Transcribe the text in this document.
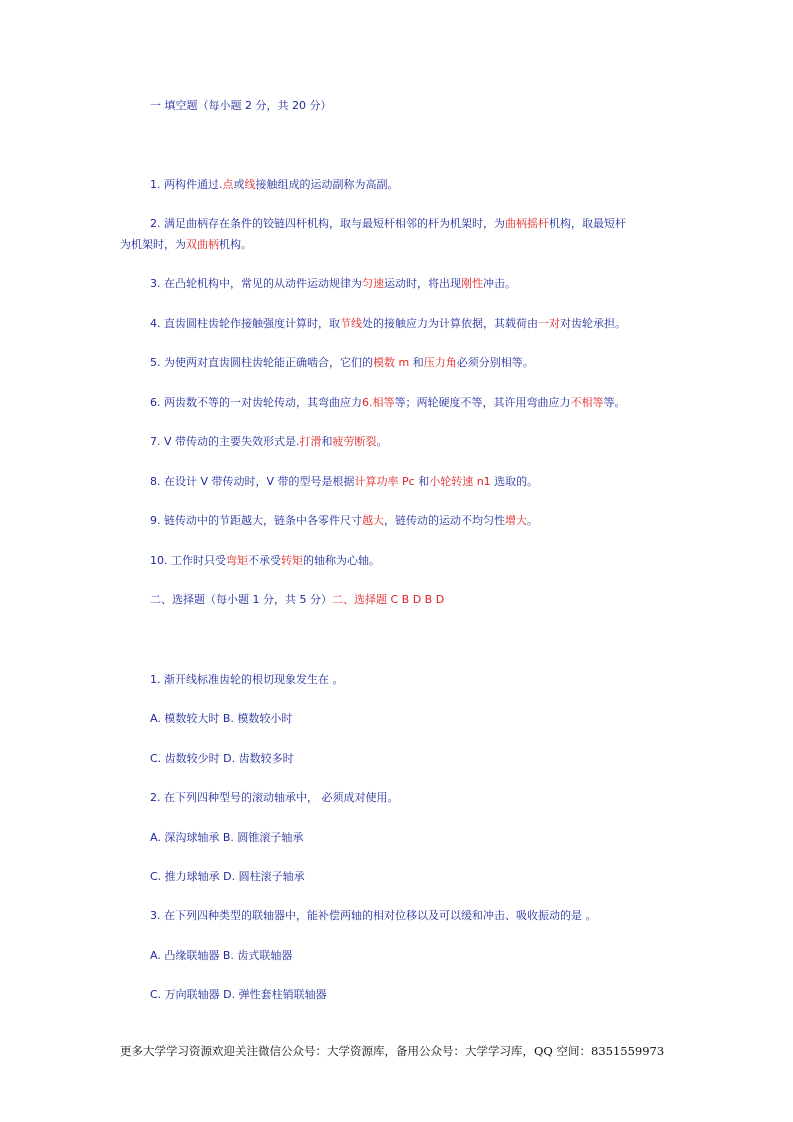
一 填空题（每小题 2 分，共 20 分）
1. 两构件通过.点或线接触组成的运动副称为高副。
2. 满足曲柄存在条件的铰链四杆机构，取与最短杆相邻的杆为机架时，为曲柄摇杆机构，取最短杆
为机架时，为双曲柄机构。
3. 在凸轮机构中，常见的从动件运动规律为匀速运动时，将出现刚性冲击。
4. 直齿圆柱齿轮作接触强度计算时，取节线处的接触应力为计算依据，其载荷由一对对齿轮承担。
5. 为使两对直齿圆柱齿轮能正确啮合，它们的模数 m 和压力角必须分别相等。
6. 两齿数不等的一对齿轮传动，其弯曲应力6.相等等；两轮硬度不等，其许用弯曲应力不相等等。
7. V 带传动的主要失效形式是.打滑和疲劳断裂。
8. 在设计 V 带传动时，V 带的型号是根据计算功率 Pc 和小轮转速 n1 选取的。
9. 链传动中的节距越大，链条中各零件尺寸越大，链传动的运动不均匀性增大。
10. 工作时只受弯矩不承受转矩的轴称为心轴。
二、选择题（每小题 1 分，共 5 分）二、选择题 C B D B D
1. 渐开线标准齿轮的根切现象发生在 。
A. 模数较大时 B. 模数较小时
C. 齿数较少时 D. 齿数较多时
2. 在下列四种型号的滚动轴承中， 必须成对使用。
A. 深沟球轴承 B. 圆锥滚子轴承
C. 推力球轴承 D. 圆柱滚子轴承
3. 在下列四种类型的联轴器中，能补偿两轴的相对位移以及可以缓和冲击、吸收振动的是 。
A. 凸缘联轴器 B. 齿式联轴器
C. 万向联轴器 D. 弹性套柱销联轴器
更多大学学习资源欢迎关注微信公众号：大学资源库，备用公众号：大学学习库，QQ 空间：8351559973
